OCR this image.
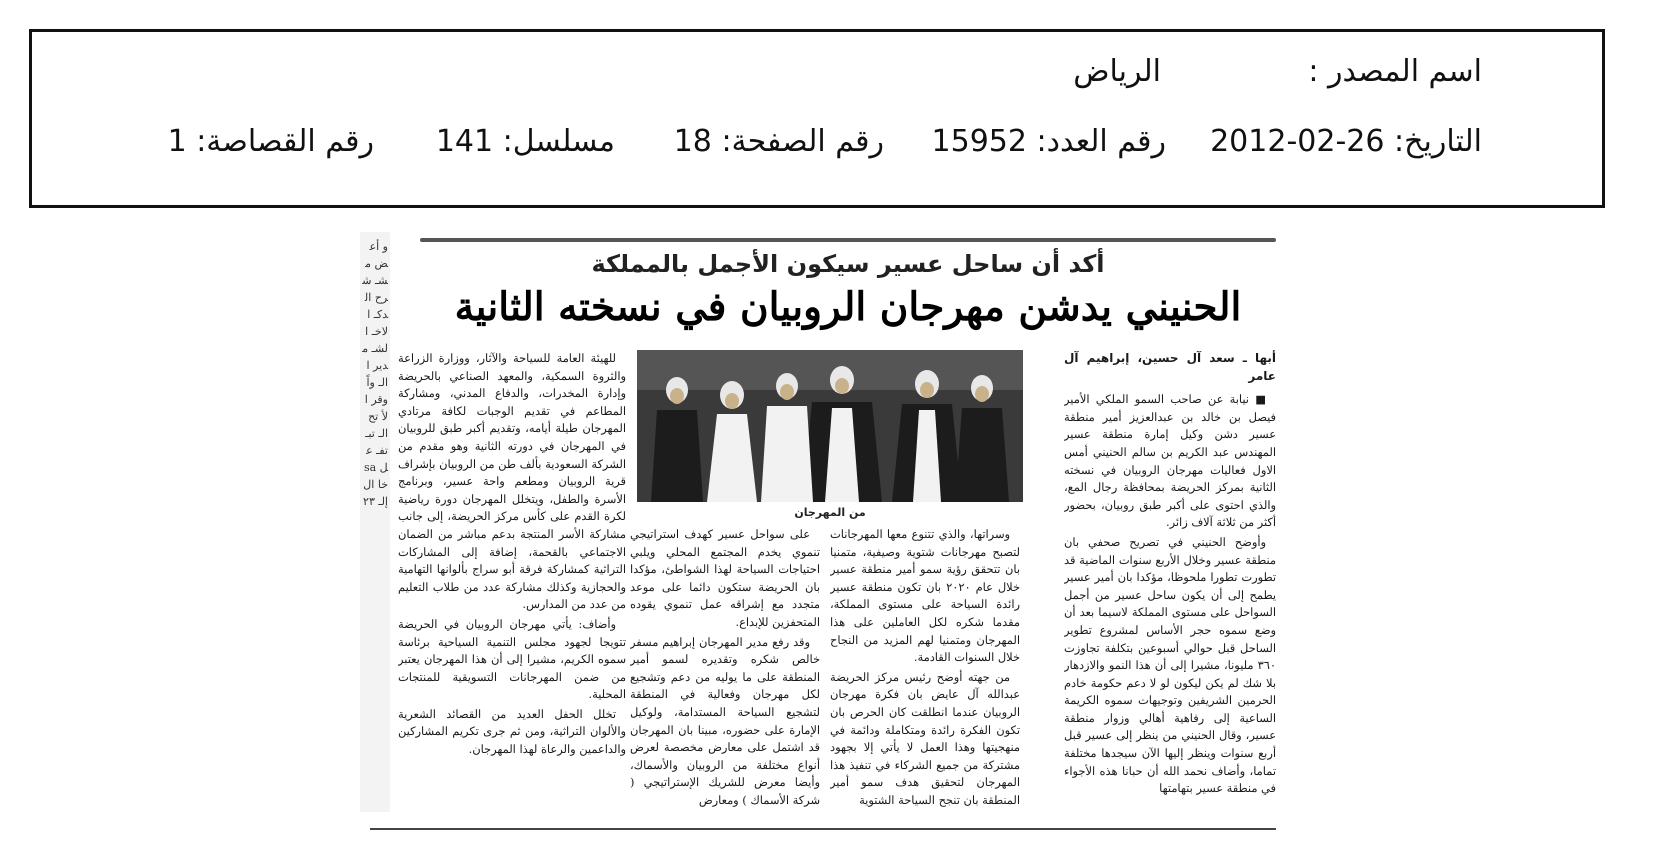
اسم المصدر :
الرياض
التاريخ: 26-02-2012
رقم العدد: 15952
رقم الصفحة: 18
مسلسل: 141
رقم القصاصة: 1
و أعض مشـ شرح الدكـ الاخـ الشـ مدير ا الـ واً وقر الأ تح الـ تبـ تفـ عل sa خا ال إلـ ٢٣
أكد أن ساحل عسير سيكون الأجمل بالمملكة
الحنيني يدشن مهرجان الروبيان في نسخته الثانية
أبها ـ سعد آل حسين، إبراهيم آل عامر

■ نيابة عن صاحب السمو الملكي الأمير فيصل بن خالد بن عبدالعزيز أمير منطقة عسير دشن وكيل إمارة منطقة عسير المهندس عبد الكريم بن سالم الحنيني أمس الاول فعاليات مهرجان الروبيان في نسخته الثانية بمركز الحريضة بمحافظة رجال المع، والذي احتوى على أكبر طبق روبيان، بحضور أكثر من ثلاثة آلاف زائر.

وأوضح الحنيني في تصريح صحفي بان منطقة عسير وخلال الأربع سنوات الماضية قد تطورت تطورا ملحوظا، مؤكدا بان أمير عسير يطمح إلى أن يكون ساحل عسير من أجمل السواحل على مستوى المملكة لاسيما بعد أن وضع سموه حجر الأساس لمشروع تطوير الساحل قبل حوالي أسبوعين بتكلفة تجاوزت ٣٦٠ مليونا، مشيرا إلى أن هذا النمو والازدهار بلا شك لم يكن ليكون لو لا دعم حكومة خادم الحرمين الشريفين وتوجيهات سموه الكريمة الساعية إلى رفاهية أهالي وزوار منطقة عسير، وقال الحنيني من ينظر إلى عسير قبل أربع سنوات وينظر إليها الآن سيجدها مختلفة تماما، وأضاف نحمد الله أن حبانا هذه الأجواء في منطقة عسير بتهامتها

من المهرجان

وسراتها، والذي تتنوع معها المهرجانات لتصبح مهرجانات شتوية وصيفية، متمنيا بان تتحقق رؤية سمو أمير منطقة عسير خلال عام ٢٠٢٠ بان تكون منطقة عسير رائدة السياحة على مستوى المملكة، مقدما شكره لكل العاملين على هذا المهرجان ومتمنيا لهم المزيد من النجاح خلال السنوات القادمة.

من جهته أوضح رئيس مركز الحريضة عبدالله آل عايض بان فكرة مهرجان الروبيان عندما انطلقت كان الحرص بان تكون الفكرة رائدة ومتكاملة ودائمة في منهجيتها وهذا العمل لا يأتي إلا بجهود مشتركة من جميع الشركاء في تنفيذ هذا المهرجان لتحقيق هدف سمو أمير المنطقة بان تنجح السياحة الشتوية

على سواحل عسير كهدف استراتيجي تنموي يخدم المجتمع المحلي ويلبي احتياجات السياحة لهذا الشواطئ، مؤكدا بان الحريضة ستكون دائما على موعد متجدد مع إشراقه عمل تنموي يقوده المتحفزين للإبداع.

وقد رفع مدير المهرجان إبراهيم مسفر خالص شكره وتقديره لسمو أمير المنطقة على ما يوليه من دعم وتشجيع لكل مهرجان وفعالية في المنطقة لتشجيع السياحة المستدامة، ولوكيل الإمارة على حضوره، مبينا بان المهرجان قد اشتمل على معارض مخصصة لعرض أنواع مختلفة من الروبيان والأسماك، وأيضا معرض للشريك الإستراتيجي ( شركة الأسماك ) ومعارض

للهيئة العامة للسياحة والآثار، ووزارة الزراعة والثروة السمكية، والمعهد الصناعي بالحريضة وإدارة المخدرات، والدفاع المدني، ومشاركة المطاعم في تقديم الوجبات لكافة مرتادي المهرجان طيلة أيامه، وتقديم أكبر طبق للروبيان في المهرجان في دورته الثانية وهو مقدم من الشركة السعودية بألف طن من الروبيان بإشراف قرية الروبيان ومطعم واحة عسير، وبرنامج الأسرة والطفل، ويتخلل المهرجان دورة رياضية لكرة القدم على كأس مركز الحريضة، إلى جانب مشاركة الأسر المنتجة بدعم مباشر من الضمان الاجتماعي بالقحمة، إضافة إلى المشاركات التراثية كمشاركة فرقة أبو سراج بألوانها التهامية والحجازية وكذلك مشاركة عدد من طلاب التعليم من عدد من المدارس.

وأضاف: يأتي مهرجان الروبيان في الحريضة تتويجا لجهود مجلس التنمية السياحية برئاسة سموه الكريم، مشيرا إلى أن هذا المهرجان يعتبر من ضمن المهرجانات التسويقية للمنتجات المحلية.

تخلل الحفل العديد من القصائد الشعرية والألوان التراثية، ومن ثم جرى تكريم المشاركين والداعمين والرعاة لهذا المهرجان.
